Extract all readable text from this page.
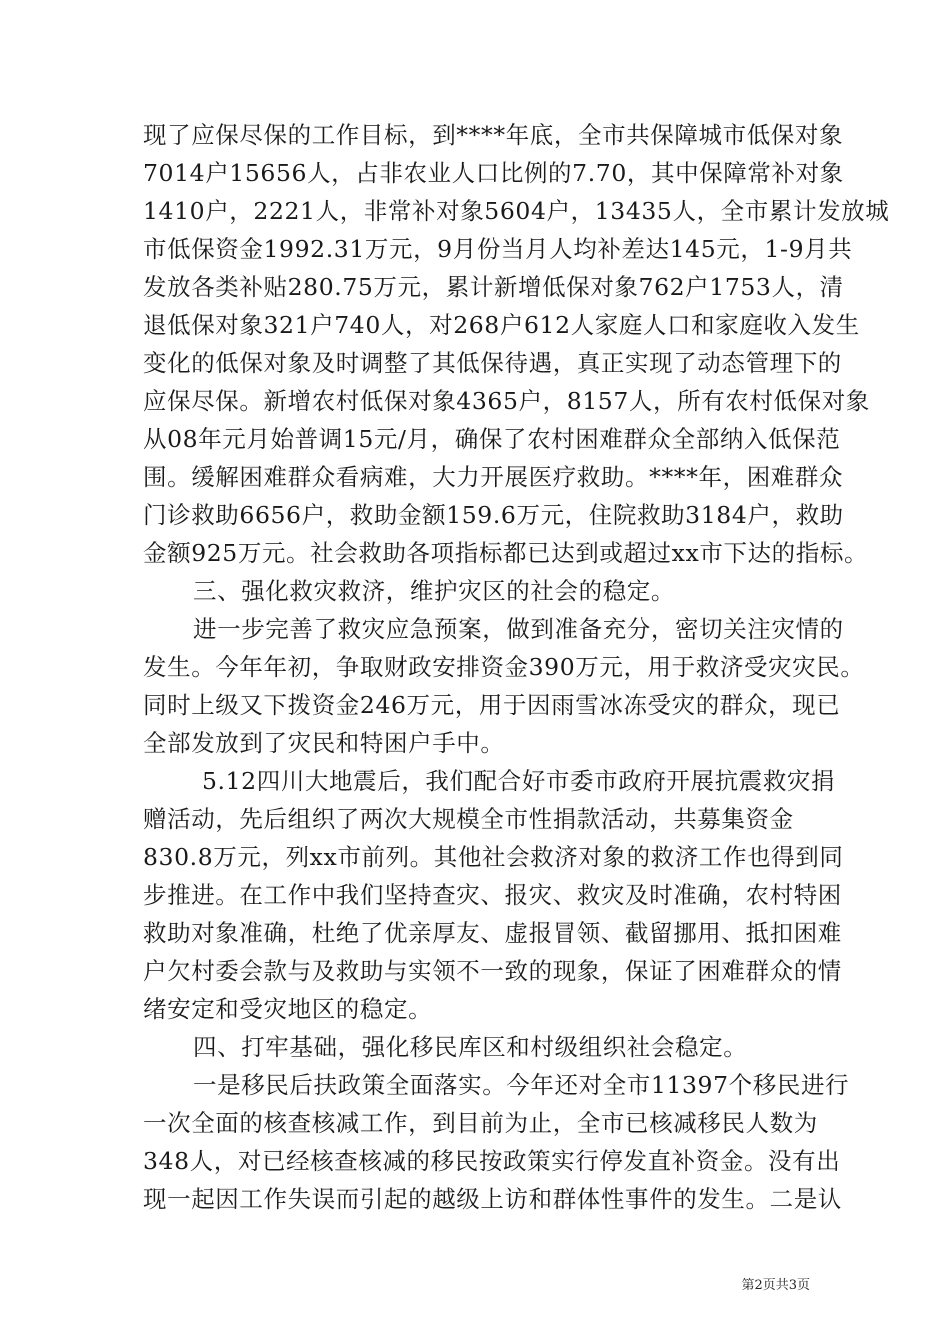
现了应保尽保的工作目标，到****年底，全市共保障城市低保对象
7014户15656人，占非农业人口比例的7.70，其中保障常补对象
1410户，2221人，非常补对象5604户，13435人，全市累计发放城
市低保资金1992.31万元，9月份当月人均补差达145元，1-9月共
发放各类补贴280.75万元，累计新增低保对象762户1753人，清
退低保对象321户740人，对268户612人家庭人口和家庭收入发生
变化的低保对象及时调整了其低保待遇，真正实现了动态管理下的
应保尽保。新增农村低保对象4365户，8157人，所有农村低保对象
从08年元月始普调15元/月，确保了农村困难群众全部纳入低保范
围。缓解困难群众看病难，大力开展医疗救助。****年，困难群众
门诊救助6656户，救助金额159.6万元，住院救助3184户，救助
金额925万元。社会救助各项指标都已达到或超过xx市下达的指标。
三、强化救灾救济，维护灾区的社会的稳定。
进一步完善了救灾应急预案，做到准备充分，密切关注灾情的
发生。今年年初，争取财政安排资金390万元，用于救济受灾灾民。
同时上级又下拨资金246万元，用于因雨雪冰冻受灾的群众，现已
全部发放到了灾民和特困户手中。
5.12四川大地震后，我们配合好市委市政府开展抗震救灾捐
赠活动，先后组织了两次大规模全市性捐款活动，共募集资金
830.8万元，列xx市前列。其他社会救济对象的救济工作也得到同
步推进。在工作中我们坚持查灾、报灾、救灾及时准确，农村特困
救助对象准确，杜绝了优亲厚友、虚报冒领、截留挪用、抵扣困难
户欠村委会款与及救助与实领不一致的现象，保证了困难群众的情
绪安定和受灾地区的稳定。
四、打牢基础，强化移民库区和村级组织社会稳定。
一是移民后扶政策全面落实。今年还对全市11397个移民进行
一次全面的核查核减工作，到目前为止，全市已核减移民人数为
348人，对已经核查核减的移民按政策实行停发直补资金。没有出
现一起因工作失误而引起的越级上访和群体性事件的发生。二是认
第2页共3页
